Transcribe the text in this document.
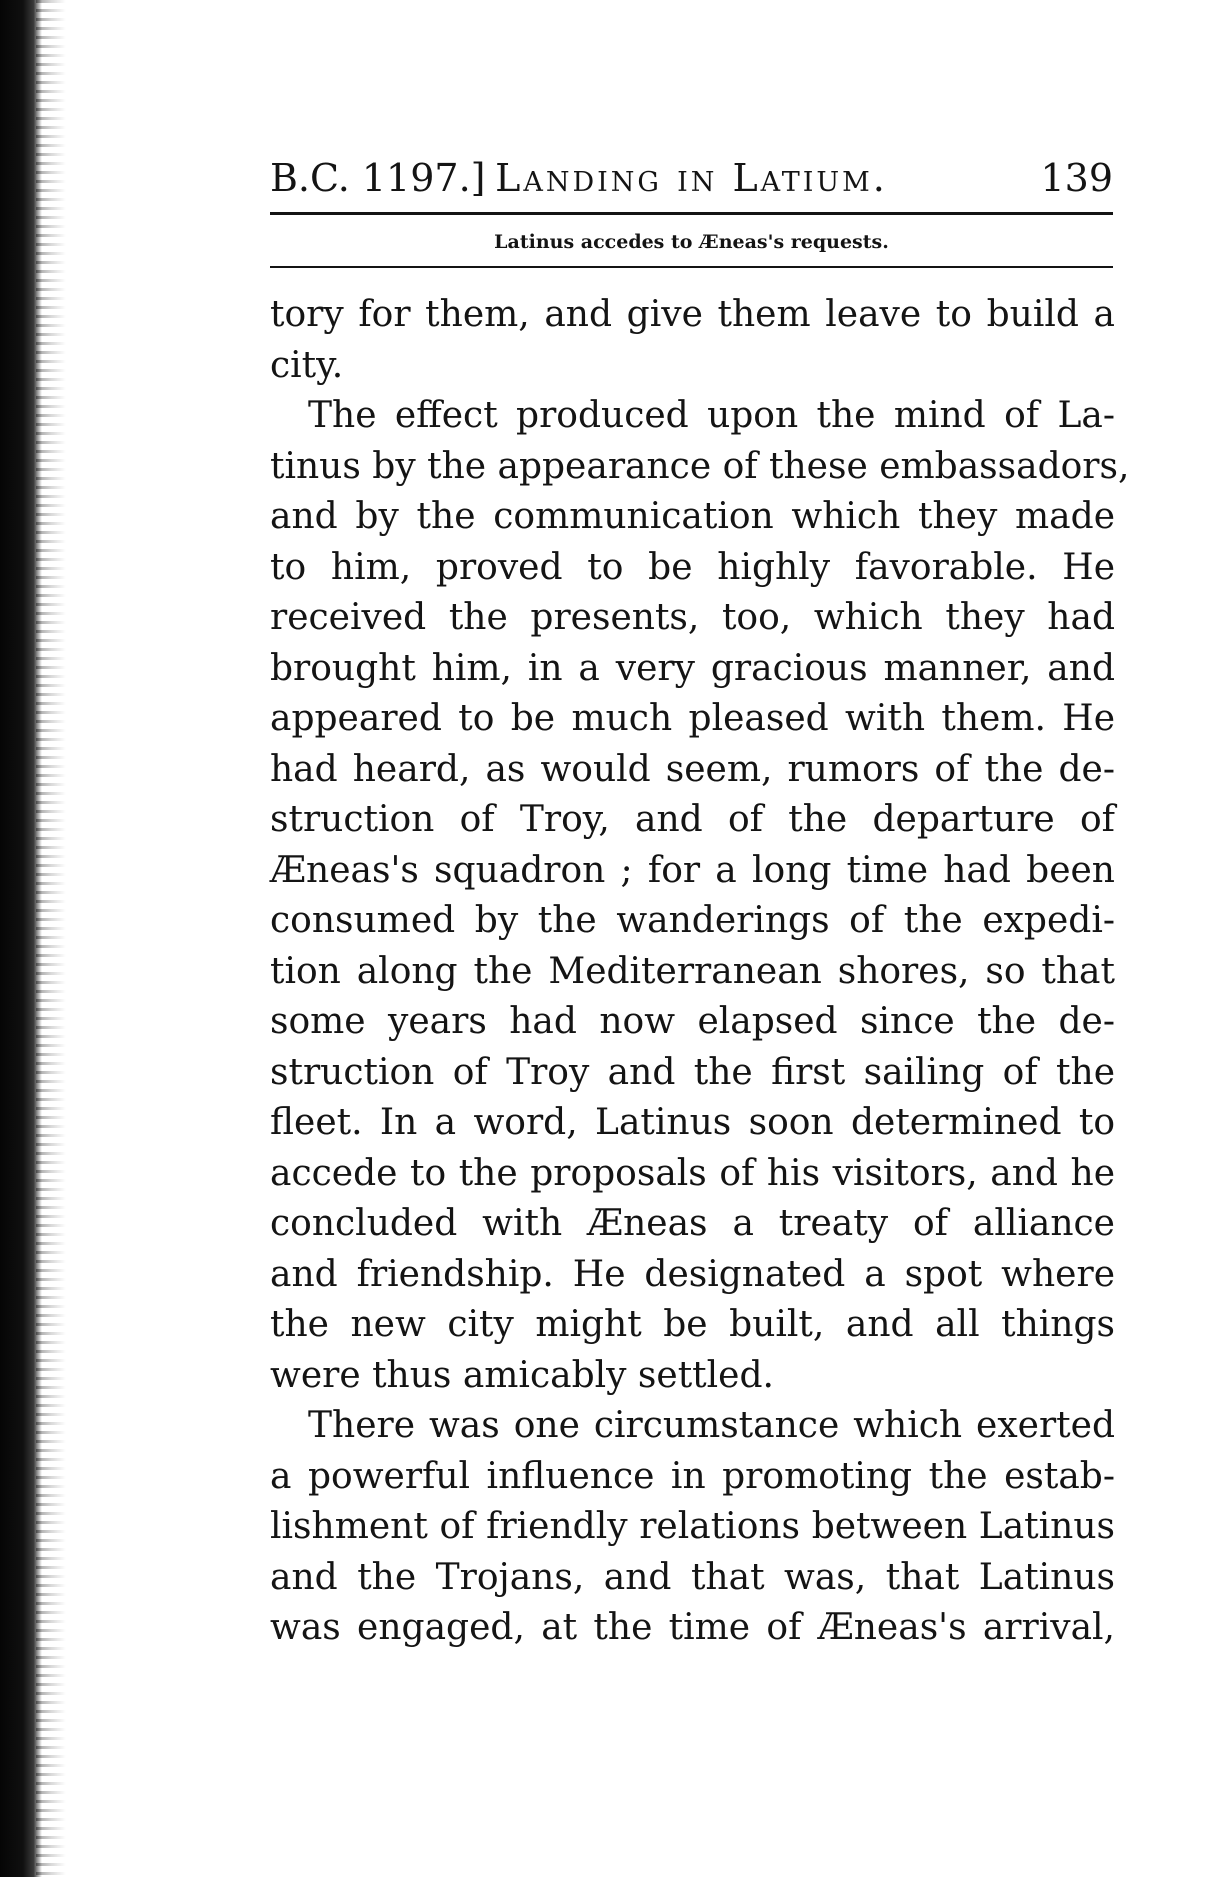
B.C. 1197.] Landing in Latium.	139
Latinus accedes to Æneas's requests.
tory for them, and give them leave to build a
city.
The effect produced upon the mind of La-
tinus by the appearance of these embassadors,
and by the communication which they made
to him, proved to be highly favorable. He
received the presents, too, which they had
brought him, in a very gracious manner, and
appeared to be much pleased with them. He
had heard, as would seem, rumors of the de-
struction of Troy, and of the departure of
Æneas's squadron ; for a long time had been
consumed by the wanderings of the expedi-
tion along the Mediterranean shores, so that
some years had now elapsed since the de-
struction of Troy and the first sailing of the
fleet. In a word, Latinus soon determined to
accede to the proposals of his visitors, and he
concluded with Æneas a treaty of alliance
and friendship. He designated a spot where
the new city might be built, and all things
were thus amicably settled.
There was one circumstance which exerted
a powerful influence in promoting the estab-
lishment of friendly relations between Latinus
and the Trojans, and that was, that Latinus
was engaged, at the time of Æneas's arrival,
